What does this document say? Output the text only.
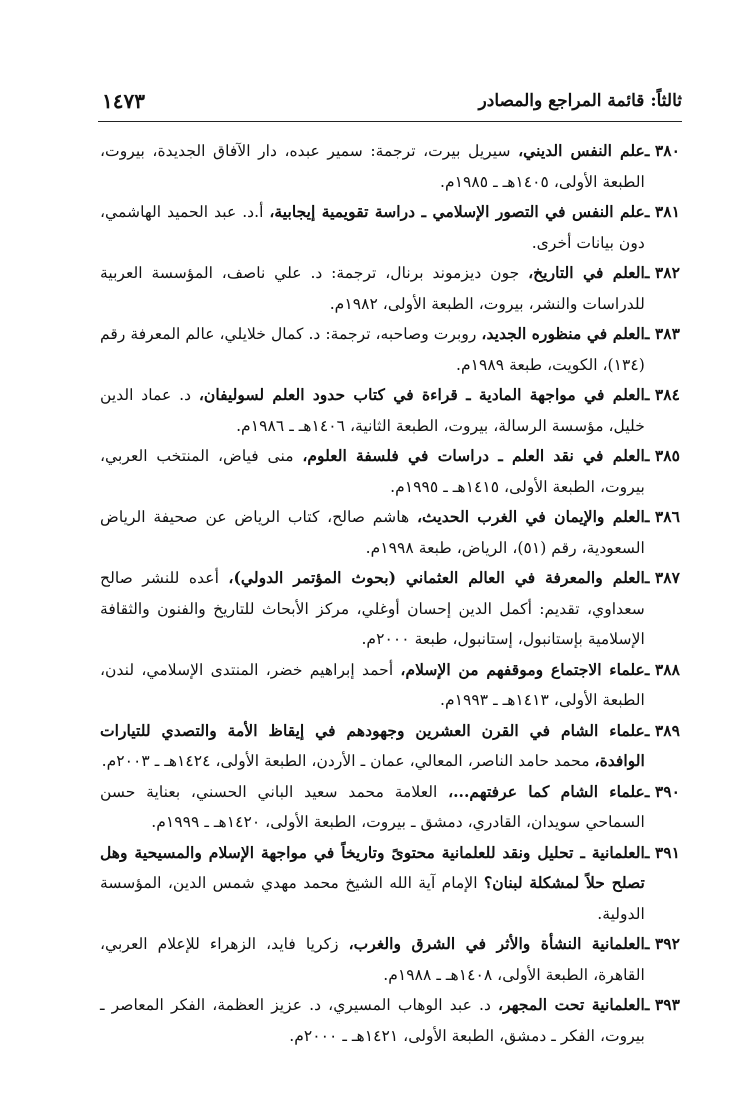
ثالثاً: قائمة المراجع والمصادر
١٤٧٣
٣٨٠ ـ
علم النفس الديني، سيريل بيرت، ترجمة: سمير عبده، دار الآفاق الجديدة، بيروت، الطبعة الأولى، ١٤٠٥هـ ـ ١٩٨٥م.
٣٨١ ـ
علم النفس في التصور الإسلامي ـ دراسة تقويمية إيجابية، أ.د. عبد الحميد الهاشمي، دون بيانات أخرى.
٣٨٢ ـ
العلم في التاريخ، جون ديزموند برنال، ترجمة: د. علي ناصف، المؤسسة العربية للدراسات والنشر، بيروت، الطبعة الأولى، ١٩٨٢م.
٣٨٣ ـ
العلم في منظوره الجديد، روبرت وصاحبه، ترجمة: د. كمال خلايلي، عالم المعرفة رقم (١٣٤)، الكويت، طبعة ١٩٨٩م.
٣٨٤ ـ
العلم في مواجهة المادية ـ قراءة في كتاب حدود العلم لسوليفان، د. عماد الدين خليل، مؤسسة الرسالة، بيروت، الطبعة الثانية، ١٤٠٦هـ ـ ١٩٨٦م.
٣٨٥ ـ
العلم في نقد العلم ـ دراسات في فلسفة العلوم، منى فياض، المنتخب العربي، بيروت، الطبعة الأولى، ١٤١٥هـ ـ ١٩٩٥م.
٣٨٦ ـ
العلم والإيمان في الغرب الحديث، هاشم صالح، كتاب الرياض عن صحيفة الرياض السعودية، رقم (٥١)، الرياض، طبعة ١٩٩٨م.
٣٨٧ ـ
العلم والمعرفة في العالم العثماني (بحوث المؤتمر الدولي)، أعده للنشر صالح سعداوي، تقديم: أكمل الدين إحسان أوغلي، مركز الأبحاث للتاريخ والفنون والثقافة الإسلامية بإستانبول، إستانبول، طبعة ٢٠٠٠م.
٣٨٨ ـ
علماء الاجتماع وموقفهم من الإسلام، أحمد إبراهيم خضر، المنتدى الإسلامي، لندن، الطبعة الأولى، ١٤١٣هـ ـ ١٩٩٣م.
٣٨٩ ـ
علماء الشام في القرن العشرين وجهودهم في إيقاظ الأمة والتصدي للتيارات الوافدة، محمد حامد الناصر، المعالي، عمان ـ الأردن، الطبعة الأولى، ١٤٢٤هـ ـ ٢٠٠٣م.
٣٩٠ ـ
علماء الشام كما عرفتهم...، العلامة محمد سعيد الباني الحسني، بعناية حسن السماحي سويدان، القادري، دمشق ـ بيروت، الطبعة الأولى، ١٤٢٠هـ ـ ١٩٩٩م.
٣٩١ ـ
العلمانية ـ تحليل ونقد للعلمانية محتوىً وتاريخاً في مواجهة الإسلام والمسيحية وهل تصلح حلاً لمشكلة لبنان؟ الإمام آية الله الشيخ محمد مهدي شمس الدين، المؤسسة الدولية.
٣٩٢ ـ
العلمانية النشأة والأثر في الشرق والغرب، زكريا فايد، الزهراء للإعلام العربي، القاهرة، الطبعة الأولى، ١٤٠٨هـ ـ ١٩٨٨م.
٣٩٣ ـ
العلمانية تحت المجهر، د. عبد الوهاب المسيري، د. عزيز العظمة، الفكر المعاصر ـ بيروت، الفكر ـ دمشق، الطبعة الأولى، ١٤٢١هـ ـ ٢٠٠٠م.
